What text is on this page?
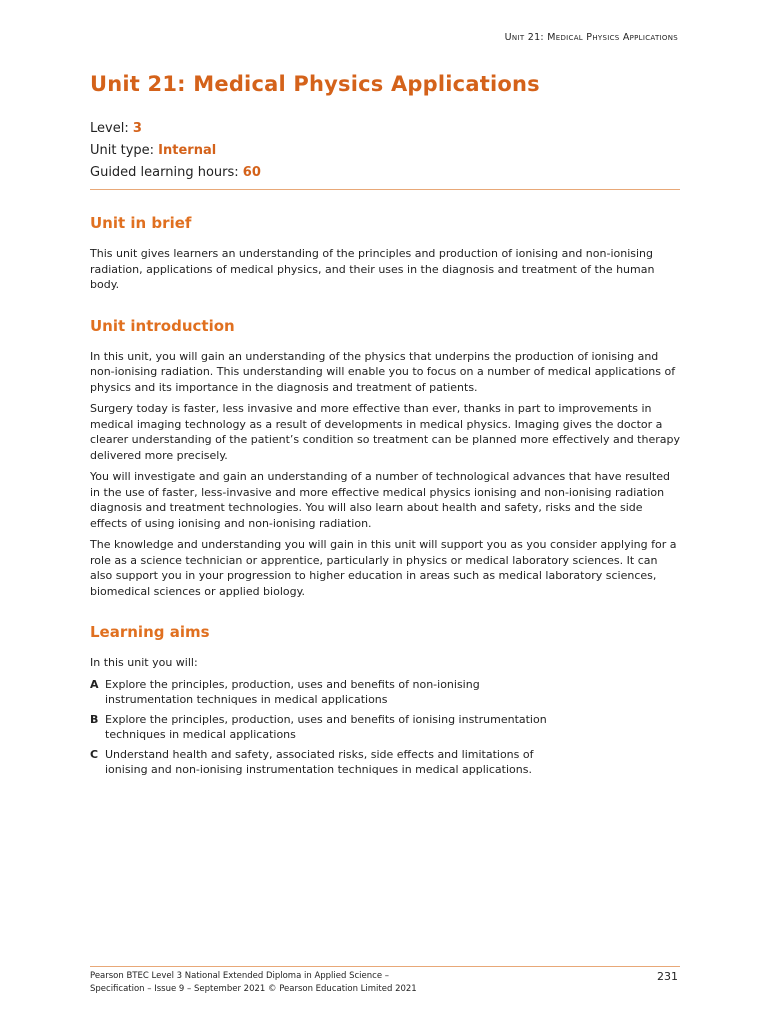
Unit 21: Medical Physics Applications
Unit 21: Medical Physics Applications
Level: 3
Unit type: Internal
Guided learning hours: 60
Unit in brief

This unit gives learners an understanding of the principles and production of ionising and non-ionising radiation, applications of medical physics, and their uses in the diagnosis and treatment of the human body.

Unit introduction

In this unit, you will gain an understanding of the physics that underpins the production of ionising and non-ionising radiation. This understanding will enable you to focus on a number of medical applications of physics and its importance in the diagnosis and treatment of patients.

Surgery today is faster, less invasive and more effective than ever, thanks in part to improvements in medical imaging technology as a result of developments in medical physics. Imaging gives the doctor a clearer understanding of the patient’s condition so treatment can be planned more effectively and therapy delivered more precisely.

You will investigate and gain an understanding of a number of technological advances that have resulted in the use of faster, less-invasive and more effective medical physics ionising and non-ionising radiation diagnosis and treatment technologies. You will also learn about health and safety, risks and the side effects of using ionising and non-ionising radiation.

The knowledge and understanding you will gain in this unit will support you as you consider applying for a role as a science technician or apprentice, particularly in physics or medical laboratory sciences. It can also support you in your progression to higher education in areas such as medical laboratory sciences, biomedical sciences or applied biology.

Learning aims

In this unit you will:

A Explore the principles, production, uses and benefits of non-ionising instrumentation techniques in medical applications
B Explore the principles, production, uses and benefits of ionising instrumentation techniques in medical applications
C Understand health and safety, associated risks, side effects and limitations of ionising and non-ionising instrumentation techniques in medical applications.
Pearson BTEC Level 3 National Extended Diploma in Applied Science –
Specification – Issue 9 – September 2021 © Pearson Education Limited 2021
231
